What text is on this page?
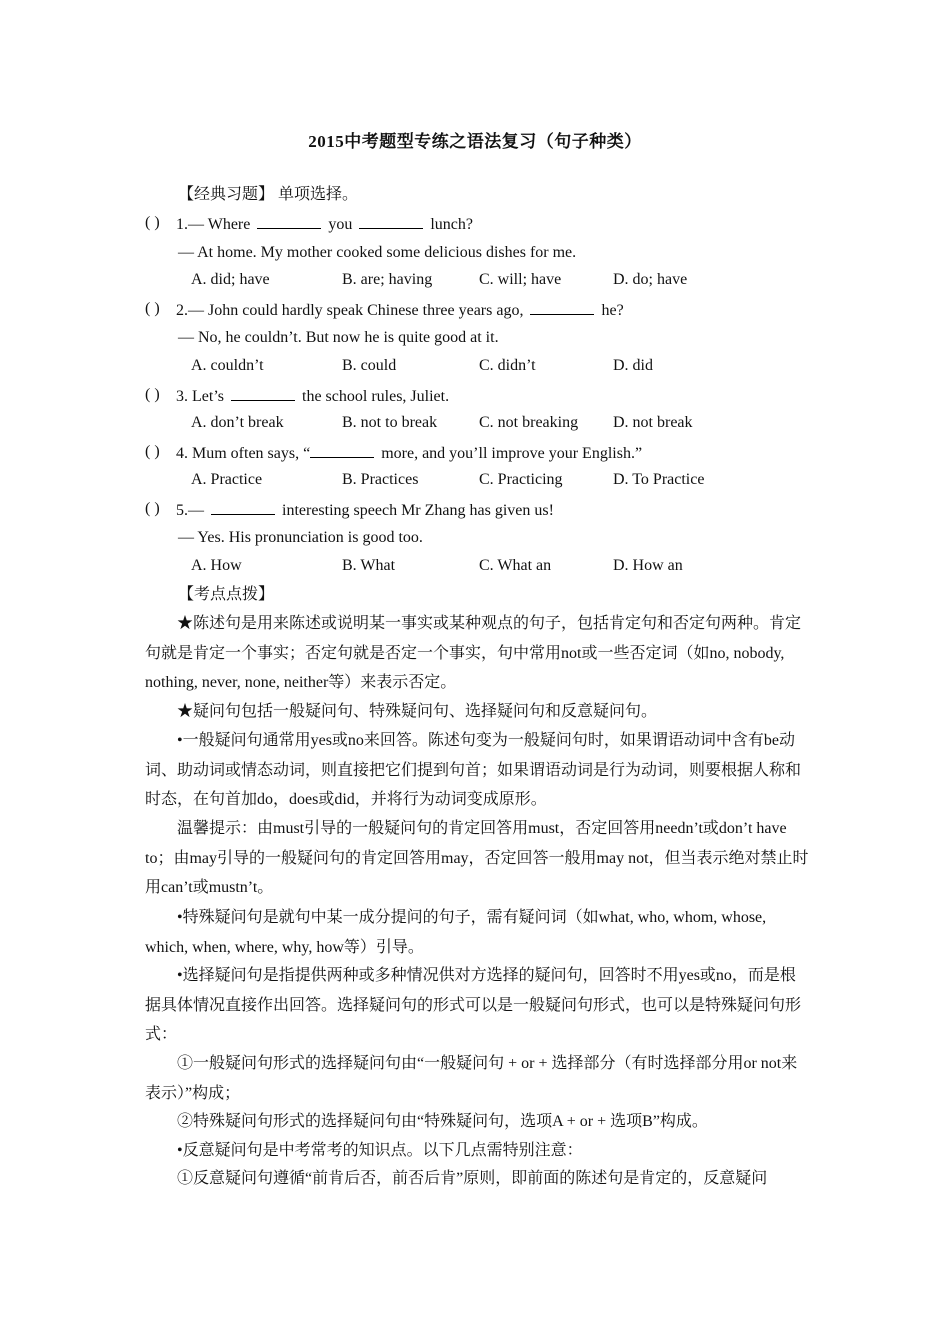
2015中考题型专练之语法复习（句子种类）
【经典习题】 单项选择。
( ) 1.— Where	you	lunch?
— At home. My mother cooked some delicious dishes for me.
A. did; have	B. are; having	C. will; have	D. do; have
( ) 2.— John could hardly speak Chinese three years ago,	he?
— No, he couldn’t. But now he is quite good at it.
A. couldn’t	B. could	C. didn’t	D. did
( ) 3. Let’s	the school rules, Juliet.
A. don’t break	B. not to break	C. not breaking D. not break
( ) 4. Mum often says, “	more, and you’ll improve your English.”
A. Practice	B. Practices	C. Practicing	D. To Practice
( ) 5.—	interesting speech Mr Zhang has given us!
— Yes. His pronunciation is good too.
A. How	B. What	C. What an	D. How an
【考点点拨】
★陈述句是用来陈述或说明某一事实或某种观点的句子，包括肯定句和否定句两种。肯定句就是肯定一个事实；否定句就是否定一个事实，句中常用not或一些否定词（如no, nobody, nothing, never, none, neither等）来表示否定。
★疑问句包括一般疑问句、特殊疑问句、选择疑问句和反意疑问句。
•一般疑问句通常用yes或no来回答。陈述句变为一般疑问句时，如果谓语动词中含有be动词、助动词或情态动词，则直接把它们提到句首；如果谓语动词是行为动词，则要根据人称和时态，在句首加do，does或did，并将行为动词变成原形。
温馨提示：由must引导的一般疑问句的肯定回答用must，否定回答用needn’t或don’t have to；由may引导的一般疑问句的肯定回答用may，否定回答一般用may not，但当表示绝对禁止时用can’t或mustn’t。
•特殊疑问句是就句中某一成分提问的句子，需有疑问词（如what, who, whom, whose, which, when, where, why, how等）引导。
•选择疑问句是指提供两种或多种情况供对方选择的疑问句，回答时不用yes或no，而是根据具体情况直接作出回答。选择疑问句的形式可以是一般疑问句形式，也可以是特殊疑问句形式：
①一般疑问句形式的选择疑问句由“一般疑问句 + or + 选择部分（有时选择部分用or not来表示）”构成；
②特殊疑问句形式的选择疑问句由“特殊疑问句，选项A + or + 选项B”构成。
•反意疑问句是中考常考的知识点。以下几点需特别注意：
①反意疑问句遵循“前肯后否，前否后肯”原则，即前面的陈述句是肯定的，反意疑问
